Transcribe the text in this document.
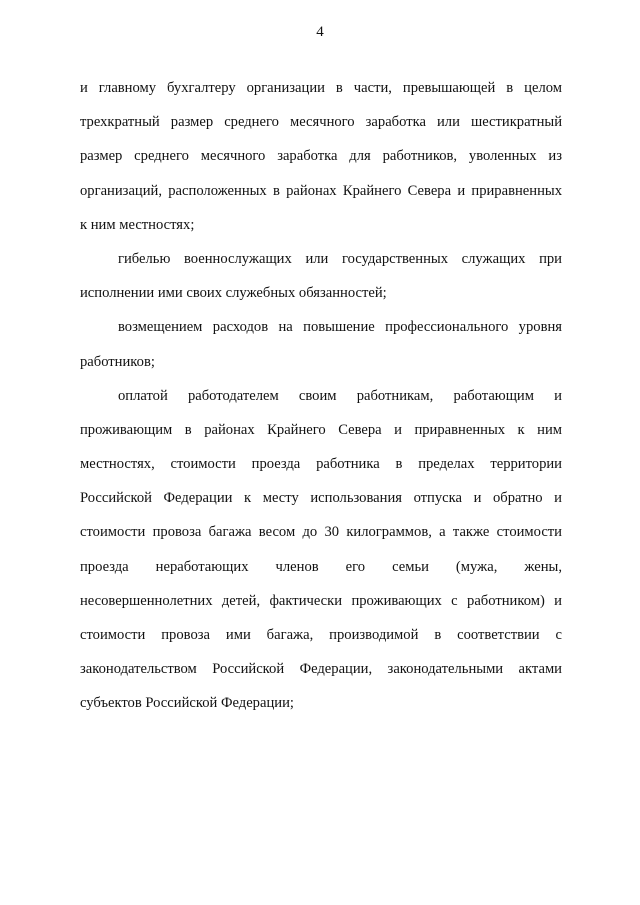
4
и главному бухгалтеру организации в части, превышающей в целом
трехкратный размер среднего месячного заработка или шестикратный
размер среднего месячного заработка для работников, уволенных из
организаций, расположенных в районах Крайнего Севера и приравненных
к ним местностях;
гибелью военнослужащих или государственных служащих при
исполнении ими своих служебных обязанностей;
возмещением расходов на повышение профессионального уровня
работников;
оплатой работодателем своим работникам, работающим и
проживающим в районах Крайнего Севера и приравненных к ним
местностях, стоимости проезда работника в пределах территории
Российской Федерации к месту использования отпуска и обратно и
стоимости провоза багажа весом до 30 килограммов, а также стоимости
проезда неработающих членов его семьи (мужа, жены,
несовершеннолетних детей, фактически проживающих с работником) и
стоимости провоза ими багажа, производимой в соответствии с
законодательством Российской Федерации, законодательными актами
субъектов Российской Федерации;
